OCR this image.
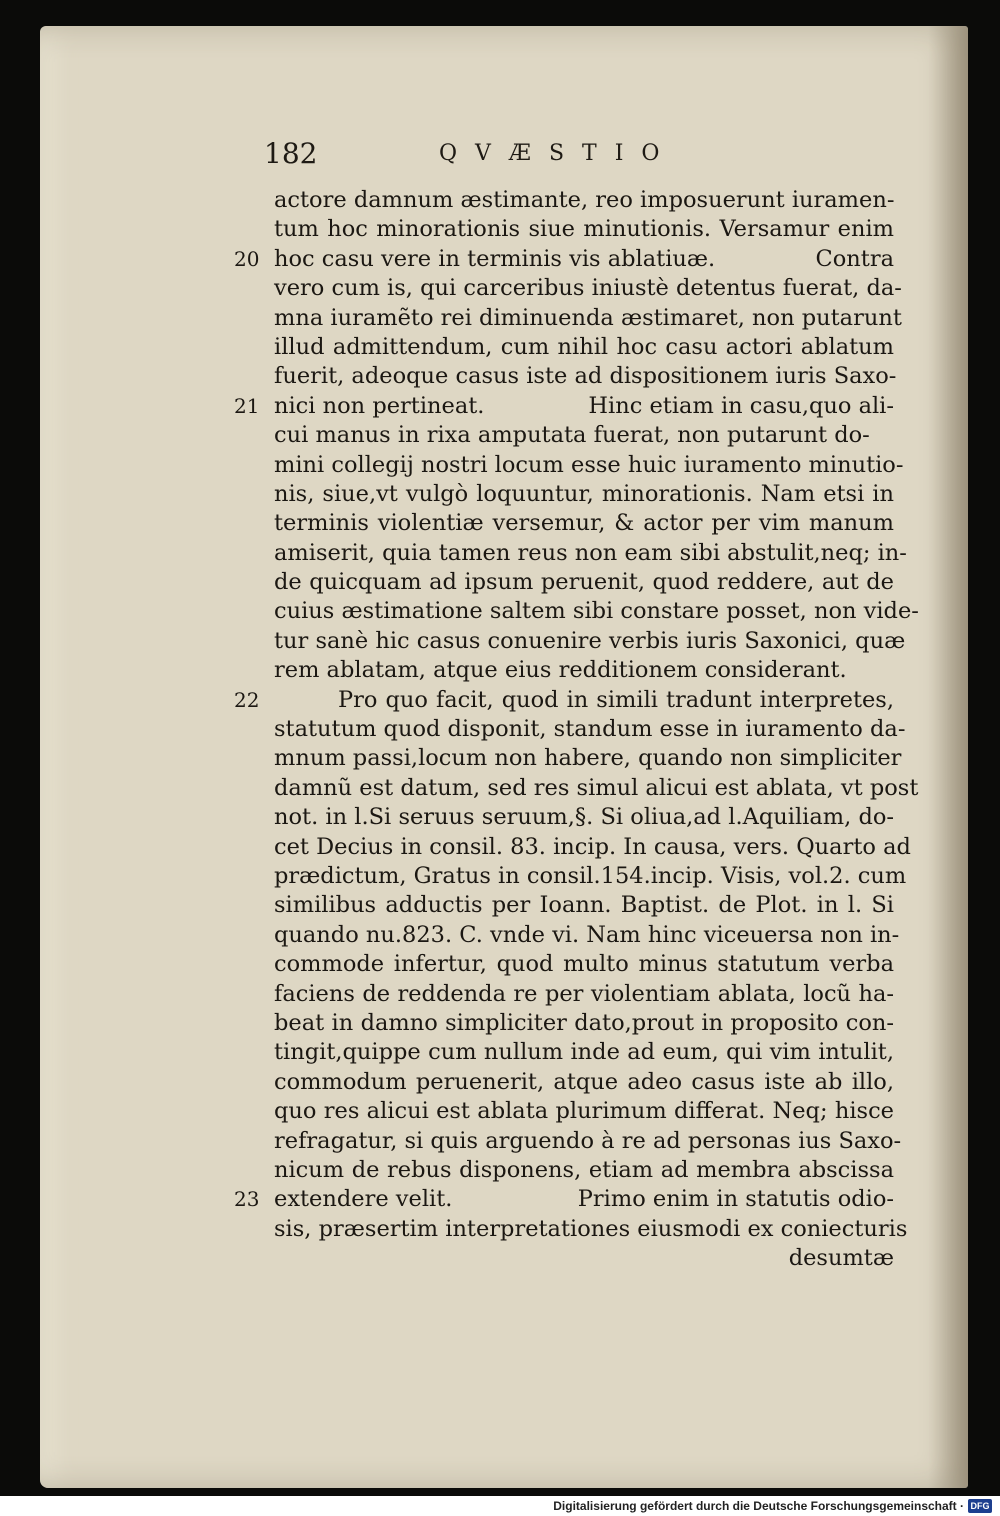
182	QVÆSTIO
actore damnum æstimante, reo imposuerunt iuramen-
tum hoc minorationis siue minutionis. Versamur enim
20 hoc casu vere in terminis vis ablatiuæ.	Contra
vero cum is, qui carceribus iniustè detentus fuerat, da-
mna iuramẽto rei diminuenda æstimaret, non putarunt
illud admittendum, cum nihil hoc casu actori ablatum
fuerit, adeoque casus iste ad dispositionem iuris Saxo-
21 nici non pertineat.	Hinc etiam in casu,quo ali-
cui manus in rixa amputata fuerat, non putarunt do-
mini collegij nostri locum esse huic iuramento minutio-
nis, siue,vt vulgò loquuntur, minorationis. Nam etsi in
terminis violentiæ versemur, & actor per vim manum
amiserit, quia tamen reus non eam sibi abstulit,neq; in-
de quicquam ad ipsum peruenit, quod reddere, aut de
cuius æstimatione saltem sibi constare posset, non vide-
tur sanè hic casus conuenire verbis iuris Saxonici, quæ
rem ablatam, atque eius redditionem considerant.
22	Pro quo facit, quod in simili tradunt interpretes,
statutum quod disponit, standum esse in iuramento da-
mnum passi,locum non habere, quando non simpliciter
damnũ est datum, sed res simul alicui est ablata, vt post
not. in l.Si seruus seruum,§. Si oliua,ad l.Aquiliam, do-
cet Decius in consil. 83. incip. In causa, vers. Quarto ad
prædictum, Gratus in consil.154.incip. Visis, vol.2. cum
similibus adductis per Ioann. Baptist. de Plot. in l. Si
quando nu.823. C. vnde vi. Nam hinc viceuersa non in-
commode infertur, quod multo minus statutum verba
faciens de reddenda re per violentiam ablata, locũ ha-
beat in damno simpliciter dato,prout in proposito con-
tingit,quippe cum nullum inde ad eum, qui vim intulit,
commodum peruenerit, atque adeo casus iste ab illo,
quo res alicui est ablata plurimum differat. Neq; hisce
refragatur, si quis arguendo à re ad personas ius Saxo-
nicum de rebus disponens, etiam ad membra abscissa
23 extendere velit.	Primo enim in statutis odio-
sis, præsertim interpretationes eiusmodi ex coniecturis
desumtæ
Digitalisierung gefördert durch die Deutsche Forschungsgemeinschaft · DFG
